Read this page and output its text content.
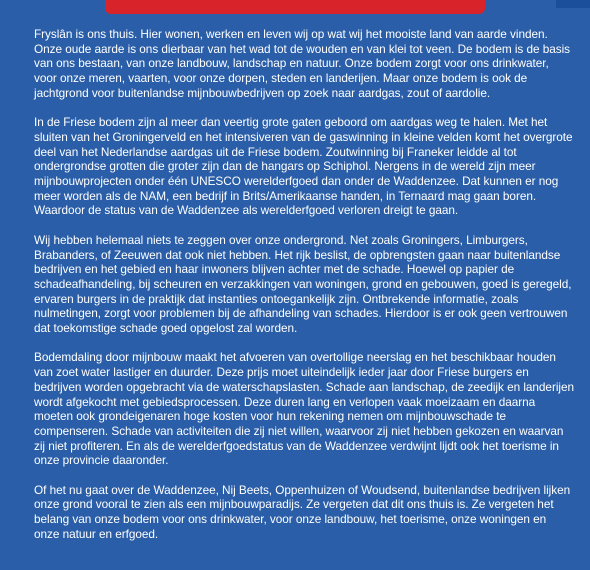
Fryslân is ons thuis. Hier wonen, werken en leven wij op wat wij het mooiste land van aarde vinden. Onze oude aarde is ons dierbaar van het wad tot de wouden en van klei tot veen. De bodem is de basis van ons bestaan, van onze landbouw, landschap en natuur. Onze bodem zorgt voor ons drinkwater, voor onze meren, vaarten, voor onze dorpen, steden en landerijen. Maar onze bodem is ook de jachtgrond voor buitenlandse mijnbouwbedrijven op zoek naar aardgas, zout of aardolie.

In de Friese bodem zijn al meer dan veertig grote gaten geboord om aardgas weg te halen. Met het sluiten van het Groningerveld en het intensiveren van de gaswinning in kleine velden komt het overgrote deel van het Nederlandse aardgas uit de Friese bodem. Zoutwinning bij Franeker leidde al tot ondergrondse grotten die groter zijn dan de hangars op Schiphol. Nergens in de wereld zijn meer mijnbouwprojecten onder één UNESCO werelderfgoed dan onder de Waddenzee. Dat kunnen er nog meer worden als de NAM, een bedrijf in Brits/Amerikaanse handen, in Ternaard mag gaan boren. Waardoor de status van de Waddenzee als werelderfgoed verloren dreigt te gaan.

Wij hebben helemaal niets te zeggen over onze ondergrond. Net zoals Groningers, Limburgers, Brabanders, of Zeeuwen dat ook niet hebben. Het rijk beslist, de opbrengsten gaan naar buitenlandse bedrijven en het gebied en haar inwoners blijven achter met de schade. Hoewel op papier de schadeafhandeling, bij scheuren en verzakkingen van woningen, grond en gebouwen, goed is geregeld, ervaren burgers in de praktijk dat instanties ontoegankelijk zijn. Ontbrekende informatie, zoals nulmetingen, zorgt voor problemen bij de afhandeling van schades. Hierdoor is er ook geen vertrouwen dat toekomstige schade goed opgelost zal worden.

Bodemdaling door mijnbouw maakt het afvoeren van overtollige neerslag en het beschikbaar houden van zoet water lastiger en duurder. Deze prijs moet uiteindelijk ieder jaar door Friese burgers en bedrijven worden opgebracht via de waterschapslasten. Schade aan landschap, de zeedijk en landerijen wordt afgekocht met gebiedsprocessen. Deze duren lang en verlopen vaak moeizaam en daarna moeten ook grondeigenaren hoge kosten voor hun rekening nemen om mijnbouwschade te compenseren. Schade van activiteiten die zij niet willen, waarvoor zij niet hebben gekozen en waarvan zij niet profiteren. En als de werelderfgoedstatus van de Waddenzee verdwijnt lijdt ook het toerisme in onze provincie daaronder.

Of het nu gaat over de Waddenzee, Nij Beets, Oppenhuizen of Woudsend, buitenlandse bedrijven lijken onze grond vooral te zien als een mijnbouwparadijs. Ze vergeten dat dit ons thuis is. Ze vergeten het belang van onze bodem voor ons drinkwater, voor onze landbouw, het toerisme, onze woningen en onze natuur en erfgoed.
